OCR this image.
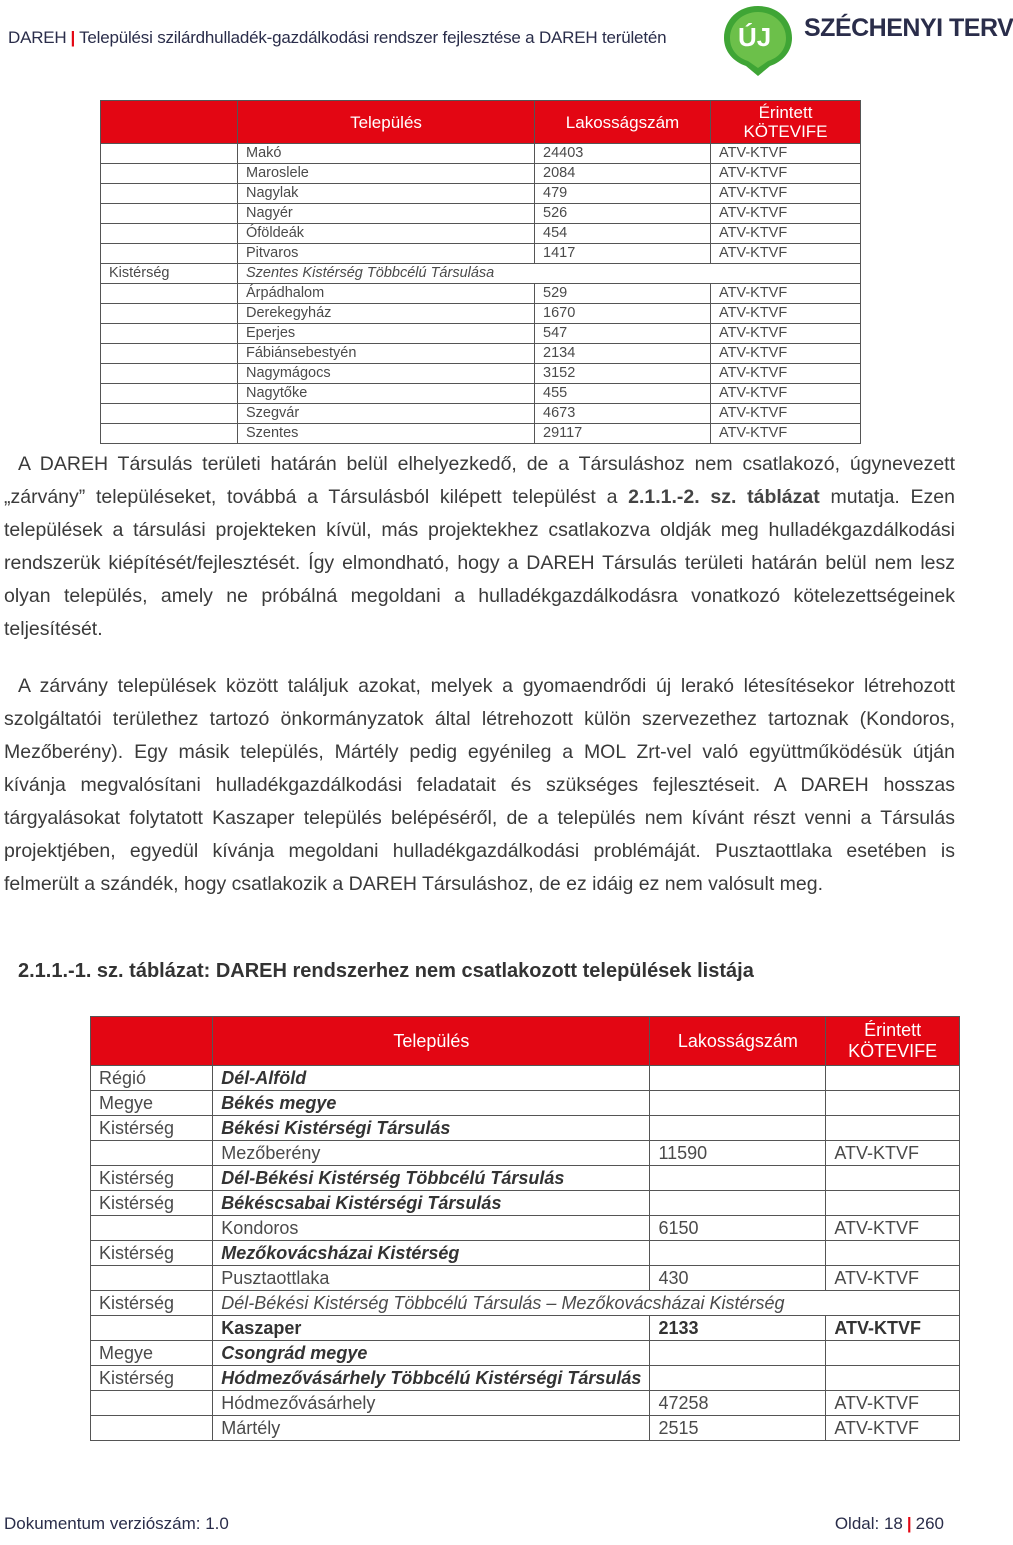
DAREH | Települési szilárdhulladék-gazdálkodási rendszer fejlesztése a DAREH területén	ÚJ SZÉCHENYI TERV
	Település	Lakosságszám	Érintett
KÖTEVIFE
	Makó	24403	ATV-KTVF
	Maroslele	2084	ATV-KTVF
	Nagylak	479	ATV-KTVF
	Nagyér	526	ATV-KTVF
	Óföldeák	454	ATV-KTVF
	Pitvaros	1417	ATV-KTVF
Kistérség	Szentes Kistérség Többcélú Társulása		
	Árpádhalom	529	ATV-KTVF
	Derekegyház	1670	ATV-KTVF
	Eperjes	547	ATV-KTVF
	Fábiánsebestyén	2134	ATV-KTVF
	Nagymágocs	3152	ATV-KTVF
	Nagytőke	455	ATV-KTVF
	Szegvár	4673	ATV-KTVF
	Szentes	29117	ATV-KTVF
A DAREH Társulás területi határán belül elhelyezkedő, de a Társuláshoz nem csatlakozó, úgynevezett „zárvány” településeket, továbbá a Társulásból kilépett települést a 2.1.1.-2. sz. táblázat mutatja. Ezen települések a társulási projekteken kívül, más projektekhez csatlakozva oldják meg hulladékgazdálkodási rendszerük kiépítését/fejlesztését. Így elmondható, hogy a DAREH Társulás területi határán belül nem lesz olyan település, amely ne próbálná megoldani a hulladékgazdálkodásra vonatkozó kötelezettségeinek teljesítését.
A zárvány települések között találjuk azokat, melyek a gyomaendrődi új lerakó létesítésekor létrehozott szolgáltatói területhez tartozó önkormányzatok által létrehozott külön szervezethez tartoznak (Kondoros, Mezőberény). Egy másik település, Mártély pedig egyénileg a MOL Zrt-vel való együttműködésük útján kívánja megvalósítani hulladékgazdálkodási feladatait és szükséges fejlesztéseit. A DAREH hosszas tárgyalásokat folytatott Kaszaper település belépéséről, de a település nem kívánt részt venni a Társulás projektjében, egyedül kívánja megoldani hulladékgazdálkodási problémáját. Pusztaottlaka esetében is felmerült a szándék, hogy csatlakozik a DAREH Társuláshoz, de ez idáig ez nem valósult meg.
2.1.1.-1. sz. táblázat: DAREH rendszerhez nem csatlakozott települések listája
	Település	Lakosságszám	Érintett
KÖTEVIFE
Régió	Dél-Alföld		
Megye	Békés megye		
Kistérség	Békési Kistérségi Társulás		
	Mezőberény	11590	ATV-KTVF
Kistérség	Dél-Békési Kistérség Többcélú Társulás		
Kistérség	Békéscsabai Kistérségi Társulás		
	Kondoros	6150	ATV-KTVF
Kistérség	Mezőkovácsházai Kistérség		
	Pusztaottlaka	430	ATV-KTVF
Kistérség	Dél-Békési Kistérség Többcélú Társulás – Mezőkovácsházai Kistérség		
	Kaszaper	2133	ATV-KTVF
Megye	Csongrád megye		
Kistérség	Hódmezővásárhely Többcélú Kistérségi Társulás		
	Hódmezővásárhely	47258	ATV-KTVF
	Mártély	2515	ATV-KTVF
Dokumentum verziószám: 1.0	Oldal: 18 | 260
